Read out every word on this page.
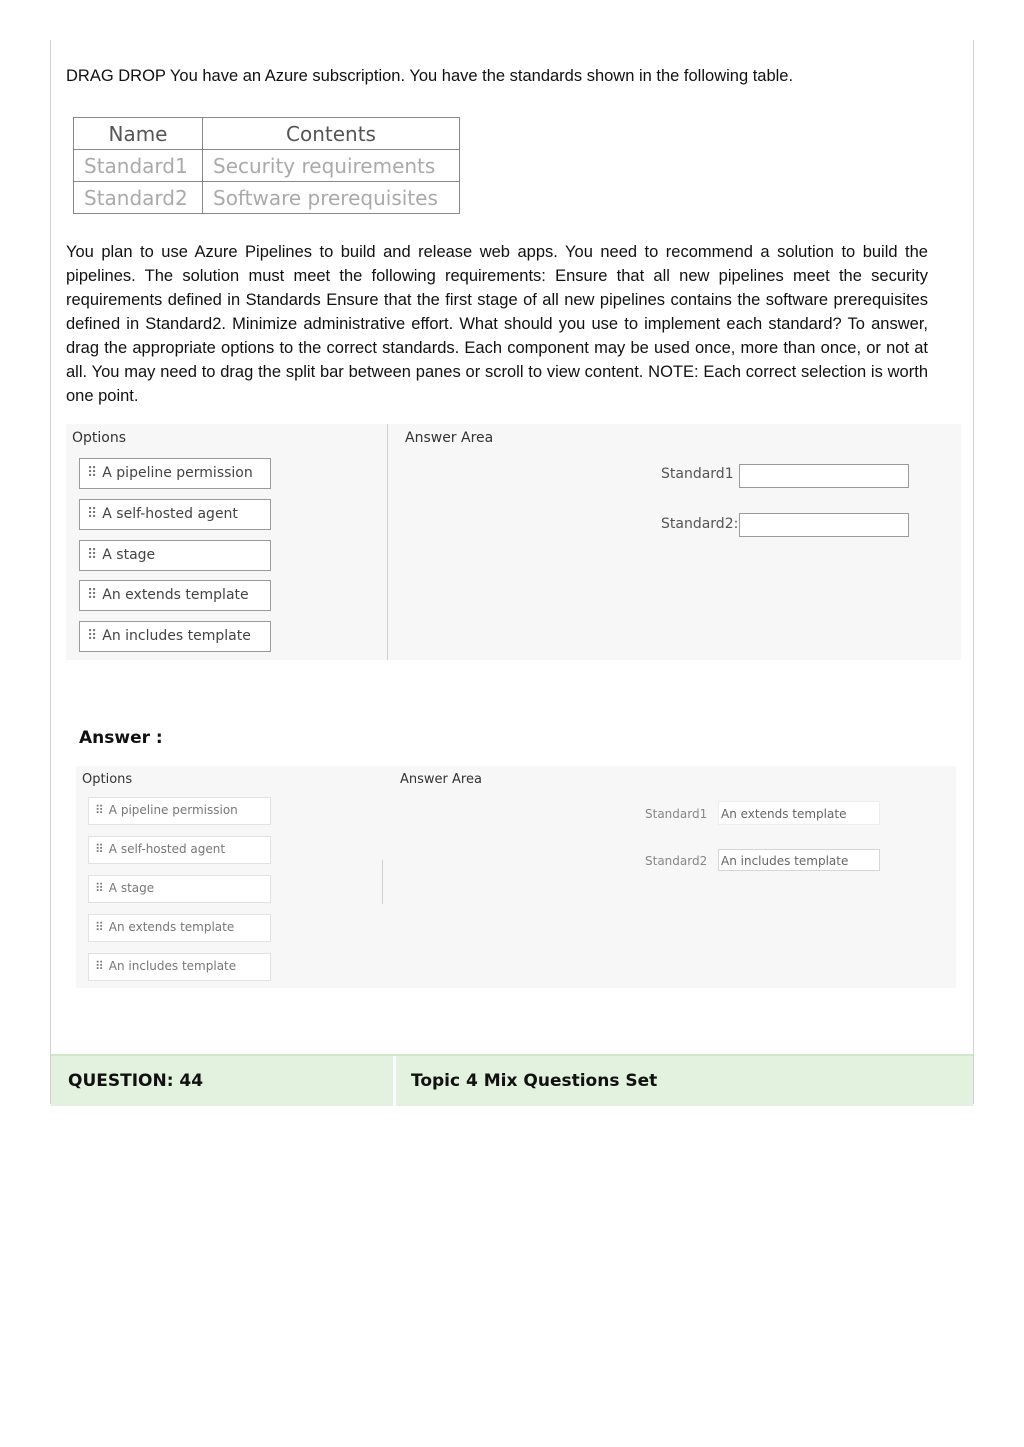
DRAG DROP You have an Azure subscription. You have the standards shown in the following table.
Name	Contents
Standard1	Security requirements
Standard2	Software prerequisites
You plan to use Azure Pipelines to build and release web apps. You need to recommend a solution to build the pipelines. The solution must meet the following requirements: Ensure that all new pipelines meet the security requirements defined in Standards Ensure that the first stage of all new pipelines contains the software prerequisites defined in Standard2. Minimize administrative effort. What should you use to implement each standard? To answer, drag the appropriate options to the correct standards. Each component may be used once, more than once, or not at all. You may need to drag the split bar between panes or scroll to view content. NOTE: Each correct selection is worth one point.
Options	Answer Area
⠿ A pipeline permission
⠿ A self-hosted agent
⠿ A stage
⠿ An extends template
⠿ An includes template
Standard1
Standard2:
Answer :
Options	Answer Area
⠿ A pipeline permission
⠿ A self-hosted agent
⠿ A stage
⠿ An extends template
⠿ An includes template
Standard1 An extends template
Standard2 An includes template
QUESTION: 44	Topic 4 Mix Questions Set
